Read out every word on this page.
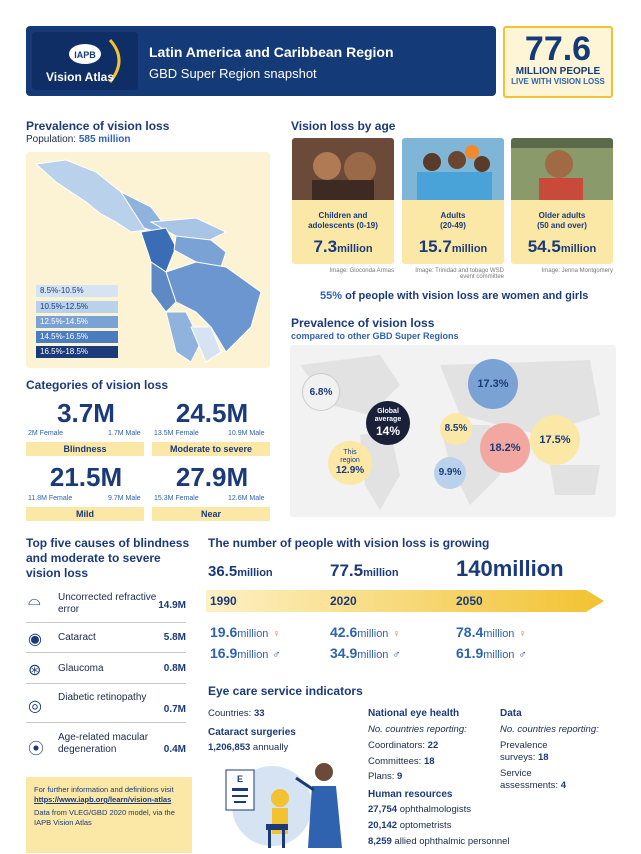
IAPB
Vision Atlas
Latin America and Caribbean Region
GBD Super Region snapshot
77.6
MILLION PEOPLE
LIVE WITH VISION LOSS
Prevalence of vision loss
Population: 585 million
8.5%-10.5%
10.5%-12.5%
12.5%-14.5%
14.5%-16.5%
16.5%-18.5%
Categories of vision loss
3.7M
2M Female	1.7M Male
Blindness
24.5M
13.5M Female	10.9M Male
Moderate to severe
21.5M
11.8M Female	9.7M Male
Mild
27.9M
15.3M Female	12.6M Male
Near
Vision loss by age
Children and
adolescents (0-19)
7.3million
Adults
(20-49)
15.7million
Older adults
(50 and over)
54.5million
Image: Gioconda Armas	Image: Trinidad and tobago WSD event committee
Image: Jenna Montgomery
55% of people with vision loss are women and girls
Prevalence of vision loss
compared to other GBD Super Regions
6.8%
17.3%
8.5%
18.2%
17.5%
9.9%
Global
average
14%
This
region
12.9%
Top five causes of blindness and moderate to severe vision loss
⌓ Uncorrected refractive error	14.9M
◉ Cataract	5.8M
⊛ Glaucoma	0.8M
◎
Diabetic retinopathy
0.7M
⦿
Age-related macular degeneration	0.4M
For further information and definitions visit
https://www.iapb.org/learn/vision-atlas
Data from VLEG/GBD 2020 model, via the IAPB Vision Atlas
The number of people with vision loss is growing
36.5million	77.5million	140million
1990	2020	2050
19.6million ♀
16.9million ♂
42.6million ♀
34.9million ♂
78.4million ♀
61.9million ♂
Eye care service indicators
Countries: 33
Cataract surgeries
1,206,853 annually
E
National eye health
No. countries reporting:
Coordinators: 22
Committees: 18
Plans: 9
Human resources
27,754 ophthalmologists
20,142 optometrists
8,259 allied ophthalmic personnel
Data
No. countries reporting:
Prevalence
surveys: 18
Service
assessments: 4
